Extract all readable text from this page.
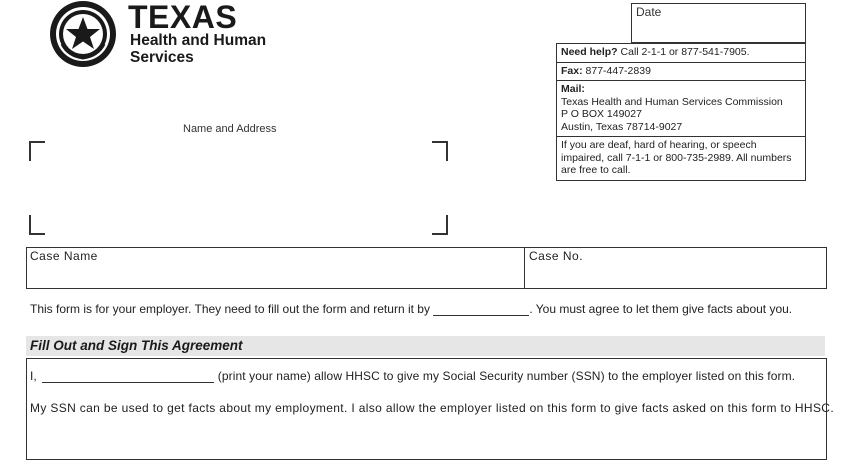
TEXAS
Health and Human
Services
Name and Address
Date
Need help? Call 2-1-1 or 877-541-7905.
Fax: 877-447-2839
Mail:
Texas Health and Human Services Commission
P O BOX 149027
Austin, Texas 78714-9027
If you are deaf, hard of hearing, or speech impaired, call 7-1-1 or 800-735-2989. All numbers are free to call.
Case Name	Case No.
This form is for your employer. They need to fill out the form and return it by	. You must agree to let them give facts about you.
Fill Out and Sign This Agreement
I,	(print your name) allow HHSC to give my Social Security number (SSN) to the employer listed on this form.
My SSN can be used to get facts about my employment. I also allow the employer listed on this form to give facts asked on this form to HHSC.
